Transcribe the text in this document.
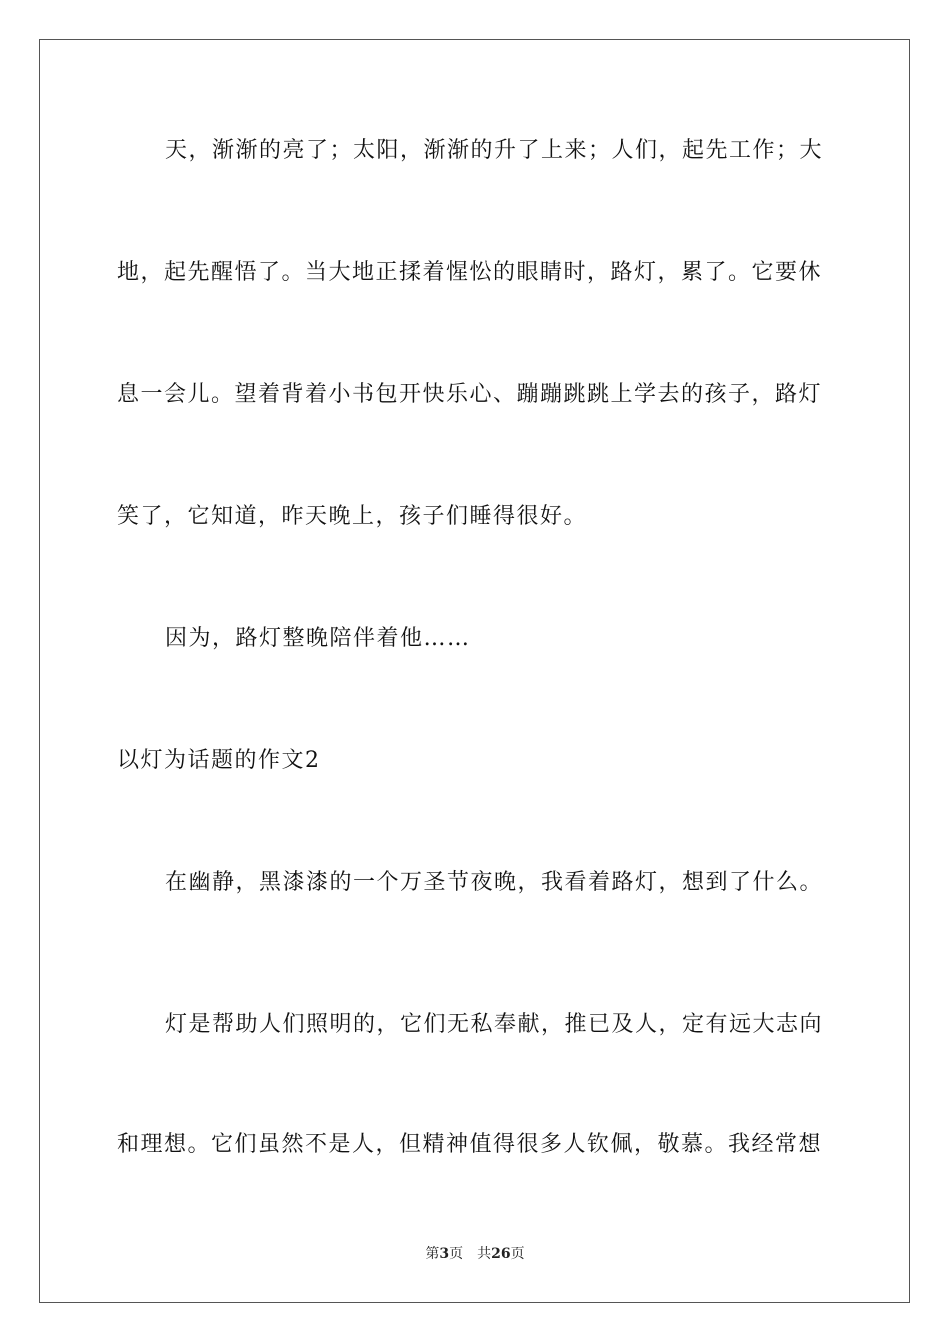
天，渐渐的亮了；太阳，渐渐的升了上来；人们，起先工作；大
地，起先醒悟了。当大地正揉着惺忪的眼睛时，路灯，累了。它要休
息一会儿。望着背着小书包开快乐心、蹦蹦跳跳上学去的孩子，路灯
笑了，它知道，昨天晚上，孩子们睡得很好。
因为，路灯整晚陪伴着他……
以灯为话题的作文2
在幽静，黑漆漆的一个万圣节夜晚，我看着路灯，想到了什么。
灯是帮助人们照明的，它们无私奉献，推已及人，定有远大志向
和理想。它们虽然不是人，但精神值得很多人钦佩，敬慕。我经常想
第3页 共26页
